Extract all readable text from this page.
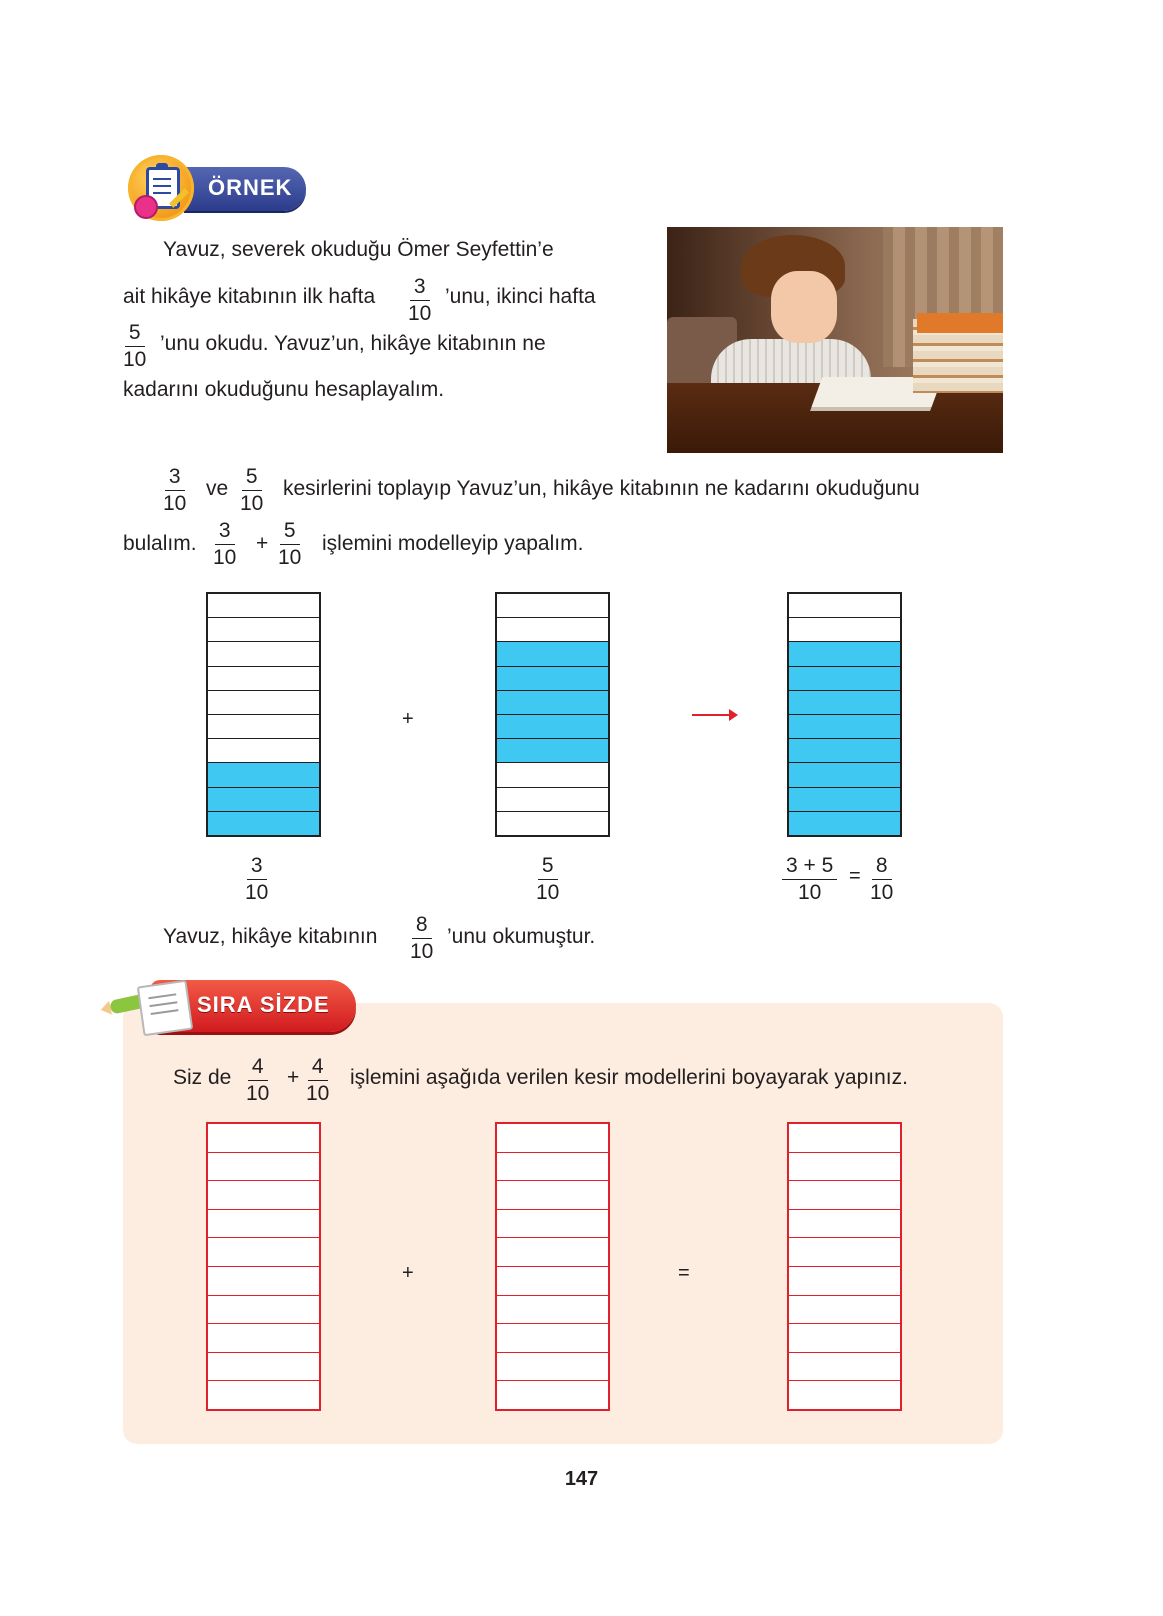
ÖRNEK
Yavuz, severek okuduğu Ömer Seyfettin’e
ait hikâye kitabının ilk hafta $\frac{3}{10}$ ’unu, ikinci hafta
$\frac{5}{10}$ ’unu okudu. Yavuz’un, hikâye kitabının ne
kadarını okuduğunu hesaplayalım.
$\frac{3}{10}$ ve $\frac{5}{10}$ kesirlerini toplayıp Yavuz’un, hikâye kitabının ne kadarını okuduğunu
bulalım. $\frac{3}{10} + \frac{5}{10}$ işlemini modelleyip yapalım.
+
$\frac{3}{10}$	$\frac{5}{10}$	$\frac{3 + 5}{10} = \frac{8}{10}$
Yavuz, hikâye kitabının $\frac{8}{10}$ ’unu okumuştur.
SIRA SİZDE
Siz de $\frac{4}{10} + \frac{4}{10}$ işlemini aşağıda verilen kesir modellerini boyayarak yapınız.
+	=
147
